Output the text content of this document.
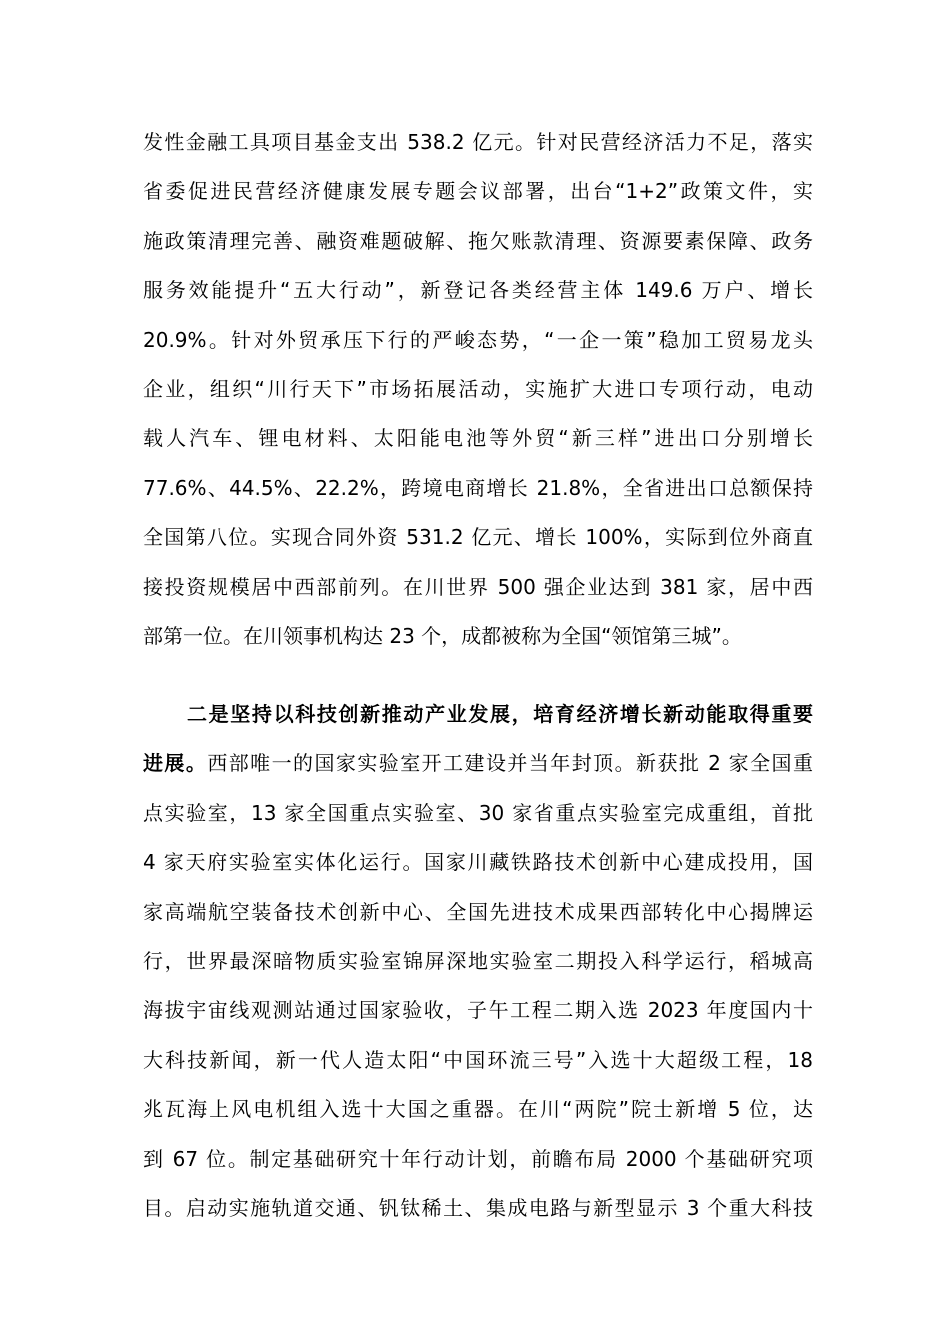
发性金融工具项目基金支出 538.2 亿元。针对民营经济活力不足，落实
省委促进民营经济健康发展专题会议部署，出台“1+2”政策文件，实
施政策清理完善、融资难题破解、拖欠账款清理、资源要素保障、政务
服务效能提升“五大行动”，新登记各类经营主体 149.6 万户、增长
20.9%。针对外贸承压下行的严峻态势，“一企一策”稳加工贸易龙头
企业，组织“川行天下”市场拓展活动，实施扩大进口专项行动，电动
载人汽车、锂电材料、太阳能电池等外贸“新三样”进出口分别增长
77.6%、44.5%、22.2%，跨境电商增长 21.8%，全省进出口总额保持
全国第八位。实现合同外资 531.2 亿元、增长 100%，实际到位外商直
接投资规模居中西部前列。在川世界 500 强企业达到 381 家，居中西
部第一位。在川领事机构达 23 个，成都被称为全国“领馆第三城”。
二是坚持以科技创新推动产业发展，培育经济增长新动能取得重要
进展。西部唯一的国家实验室开工建设并当年封顶。新获批 2 家全国重
点实验室，13 家全国重点实验室、30 家省重点实验室完成重组，首批
4 家天府实验室实体化运行。国家川藏铁路技术创新中心建成投用，国
家高端航空装备技术创新中心、全国先进技术成果西部转化中心揭牌运
行，世界最深暗物质实验室锦屏深地实验室二期投入科学运行，稻城高
海拔宇宙线观测站通过国家验收，子午工程二期入选 2023 年度国内十
大科技新闻，新一代人造太阳“中国环流三号”入选十大超级工程，18
兆瓦海上风电机组入选十大国之重器。在川“两院”院士新增 5 位，达
到 67 位。制定基础研究十年行动计划，前瞻布局 2000 个基础研究项
目。启动实施轨道交通、钒钛稀土、集成电路与新型显示 3 个重大科技
